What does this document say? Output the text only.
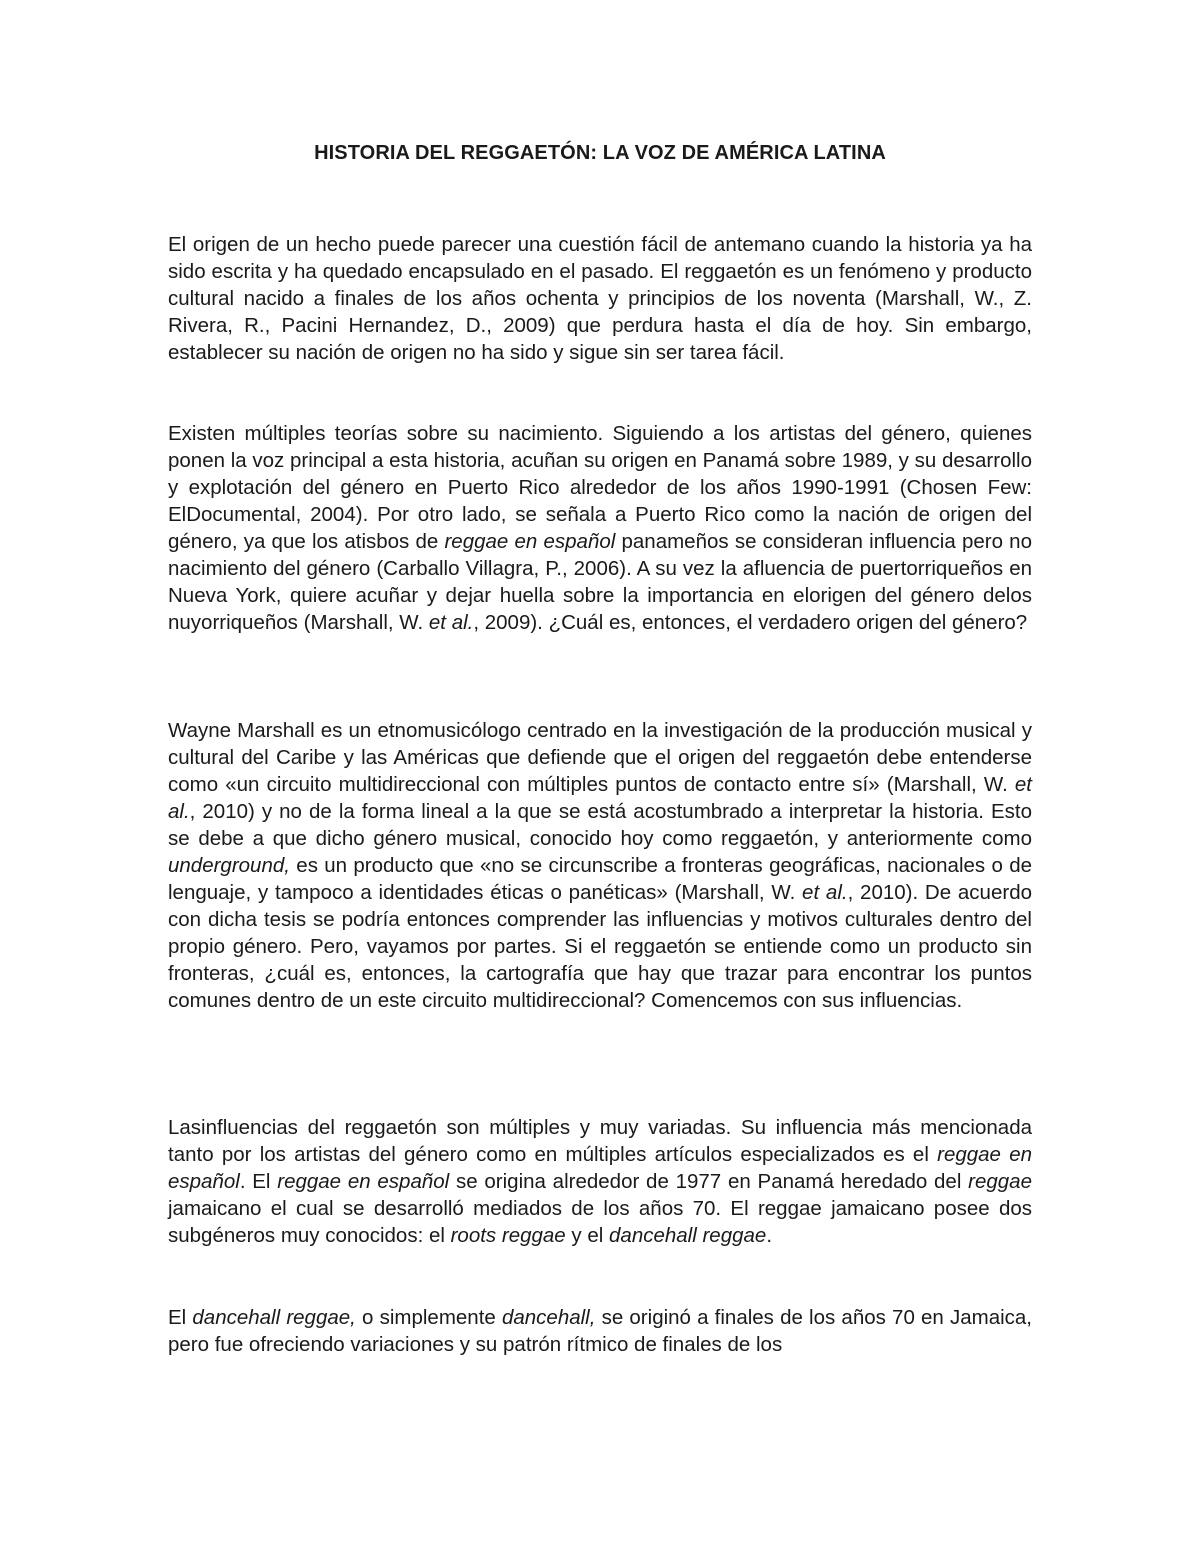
HISTORIA DEL REGGAETÓN: LA VOZ DE AMÉRICA LATINA

El origen de un hecho puede parecer una cuestión fácil de antemano cuando la historia ya ha sido escrita y ha quedado encapsulado en el pasado. El reggaetón es un fenómeno y producto cultural nacido a finales de los años ochenta y principios de los noventa (Marshall, W., Z. Rivera, R., Pacini Hernandez, D., 2009) que perdura hasta el día de hoy. Sin embargo, establecer su nación de origen no ha sido y sigue sin ser tarea fácil.

Existen múltiples teorías sobre su nacimiento. Siguiendo a los artistas del género, quienes ponen la voz principal a esta historia, acuñan su origen en Panamá sobre 1989, y su desarrollo y explotación del género en Puerto Rico alrededor de los años 1990-1991 (Chosen Few: ElDocumental, 2004). Por otro lado, se señala a Puerto Rico como la nación de origen del género, ya que los atisbos de reggae en español panameños se consideran influencia pero no nacimiento del género (Carballo Villagra, P., 2006). A su vez la afluencia de puertorriqueños en Nueva York, quiere acuñar y dejar huella sobre la importancia en elorigen del género delos nuyorriqueños (Marshall, W. et al., 2009). ¿Cuál es, entonces, el verdadero origen del género?

Wayne Marshall es un etnomusicólogo centrado en la investigación de la producción musical y cultural del Caribe y las Américas que defiende que el origen del reggaetón debe entenderse como «un circuito multidireccional con múltiples puntos de contacto entre sí» (Marshall, W. et al., 2010) y no de la forma lineal a la que se está acostumbrado a interpretar la historia. Esto se debe a que dicho género musical, conocido hoy como reggaetón, y anteriormente como underground, es un producto que «no se circunscribe a fronteras geográficas, nacionales o de lenguaje, y tampoco a identidades éticas o panéticas» (Marshall, W. et al., 2010). De acuerdo con dicha tesis se podría entonces comprender las influencias y motivos culturales dentro del propio género. Pero, vayamos por partes. Si el reggaetón se entiende como un producto sin fronteras, ¿cuál es, entonces, la cartografía que hay que trazar para encontrar los puntos comunes dentro de un este circuito multidireccional? Comencemos con sus influencias.

Lasinfluencias del reggaetón son múltiples y muy variadas. Su influencia más mencionada tanto por los artistas del género como en múltiples artículos especializados es el reggae en español. El reggae en español se origina alrededor de 1977 en Panamá heredado del reggae jamaicano el cual se desarrolló mediados de los años 70. El reggae jamaicano posee dos subgéneros muy conocidos: el roots reggae y el dancehall reggae.

El dancehall reggae, o simplemente dancehall, se originó a finales de los años 70 en Jamaica, pero fue ofreciendo variaciones y su patrón rítmico de finales de los
